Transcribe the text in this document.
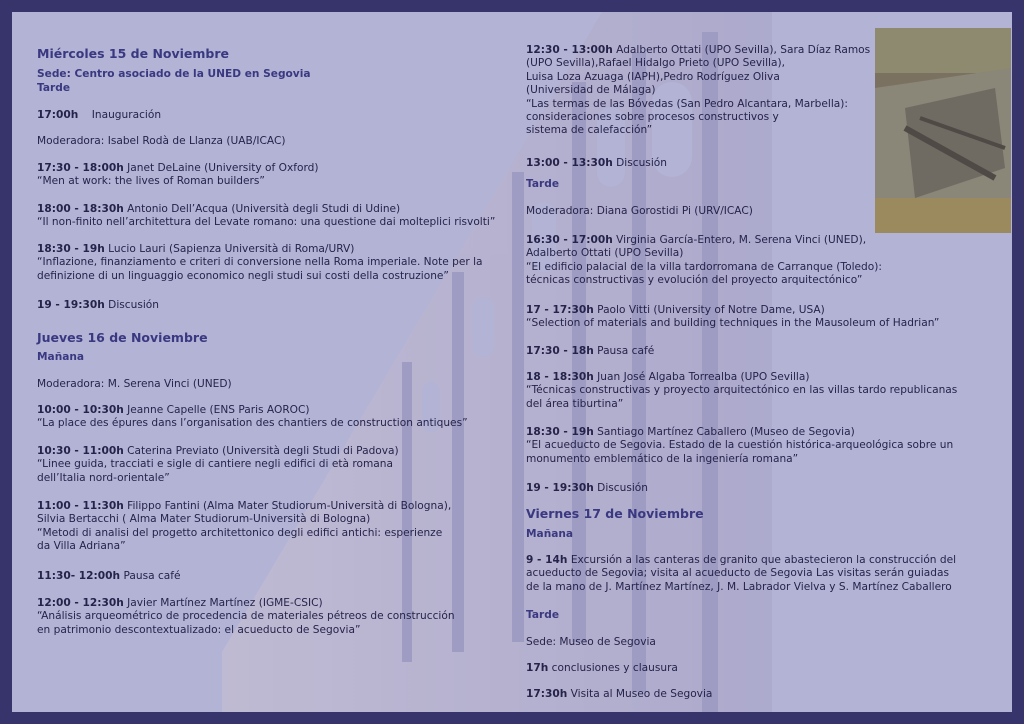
Miércoles 15 de Noviembre
Sede: Centro asociado de la UNED en Segovia
Tarde
17:00h Inauguración
Moderadora: Isabel Rodà de Llanza (UAB/ICAC)
17:30 - 18:00h Janet DeLaine (University of Oxford)
“Men at work: the lives of Roman builders”
18:00 - 18:30h Antonio Dell’Acqua (Università degli Studi di Udine)
“Il non-finito nell’architettura del Levate romano: una questione dai molteplici risvolti”
18:30 - 19h Lucio Lauri (Sapienza Università di Roma/URV)
“Inflazione, finanziamento e criteri di conversione nella Roma imperiale. Note per la
definizione di un linguaggio economico negli studi sui costi della costruzione”
19 - 19:30h Discusión
Jueves 16 de Noviembre
Mañana
Moderadora: M. Serena Vinci (UNED)
10:00 - 10:30h Jeanne Capelle (ENS Paris AOROC)
“La place des épures dans l’organisation des chantiers de construction antiques”
10:30 - 11:00h Caterina Previato (Università degli Studi di Padova)
“Linee guida, tracciati e sigle di cantiere negli edifici di età romana
dell’Italia nord-orientale”
11:00 - 11:30h Filippo Fantini (Alma Mater Studiorum-Università di Bologna),
Silvia Bertacchi ( Alma Mater Studiorum-Università di Bologna)
“Metodi di analisi del progetto architettonico degli edifici antichi: esperienze
da Villa Adriana”
11:30- 12:00h Pausa café
12:00 - 12:30h Javier Martínez Martínez (IGME-CSIC)
“Análisis arqueométrico de procedencia de materiales pétreos de construcción
en patrimonio descontextualizado: el acueducto de Segovia”
12:30 - 13:00h Adalberto Ottati (UPO Sevilla), Sara Díaz Ramos
(UPO Sevilla),Rafael Hidalgo Prieto (UPO Sevilla),
Luisa Loza Azuaga (IAPH),Pedro Rodríguez Oliva
(Universidad de Málaga)
“Las termas de las Bóvedas (San Pedro Alcantara, Marbella):
consideraciones sobre procesos constructivos y
sistema de calefacción”
13:00 - 13:30h Discusión
Tarde
Moderadora: Diana Gorostidi Pi (URV/ICAC)
16:30 - 17:00h Virginia García-Entero, M. Serena Vinci (UNED),
Adalberto Ottati (UPO Sevilla)
“El edificio palacial de la villa tardorromana de Carranque (Toledo):
técnicas constructivas y evolución del proyecto arquitectónico”
17 - 17:30h Paolo Vitti (University of Notre Dame, USA)
“Selection of materials and building techniques in the Mausoleum of Hadrian”
17:30 - 18h Pausa café
18 - 18:30h Juan José Algaba Torrealba (UPO Sevilla)
“Técnicas constructivas y proyecto arquitectónico en las villas tardo republicanas
del área tiburtina”
18:30 - 19h Santiago Martínez Caballero (Museo de Segovia)
“El acueducto de Segovia. Estado de la cuestión histórica-arqueológica sobre un
monumento emblemático de la ingeniería romana”
19 - 19:30h Discusión
Viernes 17 de Noviembre
Mañana
9 - 14h Excursión a las canteras de granito que abastecieron la construcción del
acueducto de Segovia; visita al acueducto de Segovia Las visitas serán guiadas
de la mano de J. Martínez Martínez, J. M. Labrador Vielva y S. Martínez Caballero
Tarde
Sede: Museo de Segovia
17h conclusiones y clausura
17:30h Visita al Museo de Segovia
